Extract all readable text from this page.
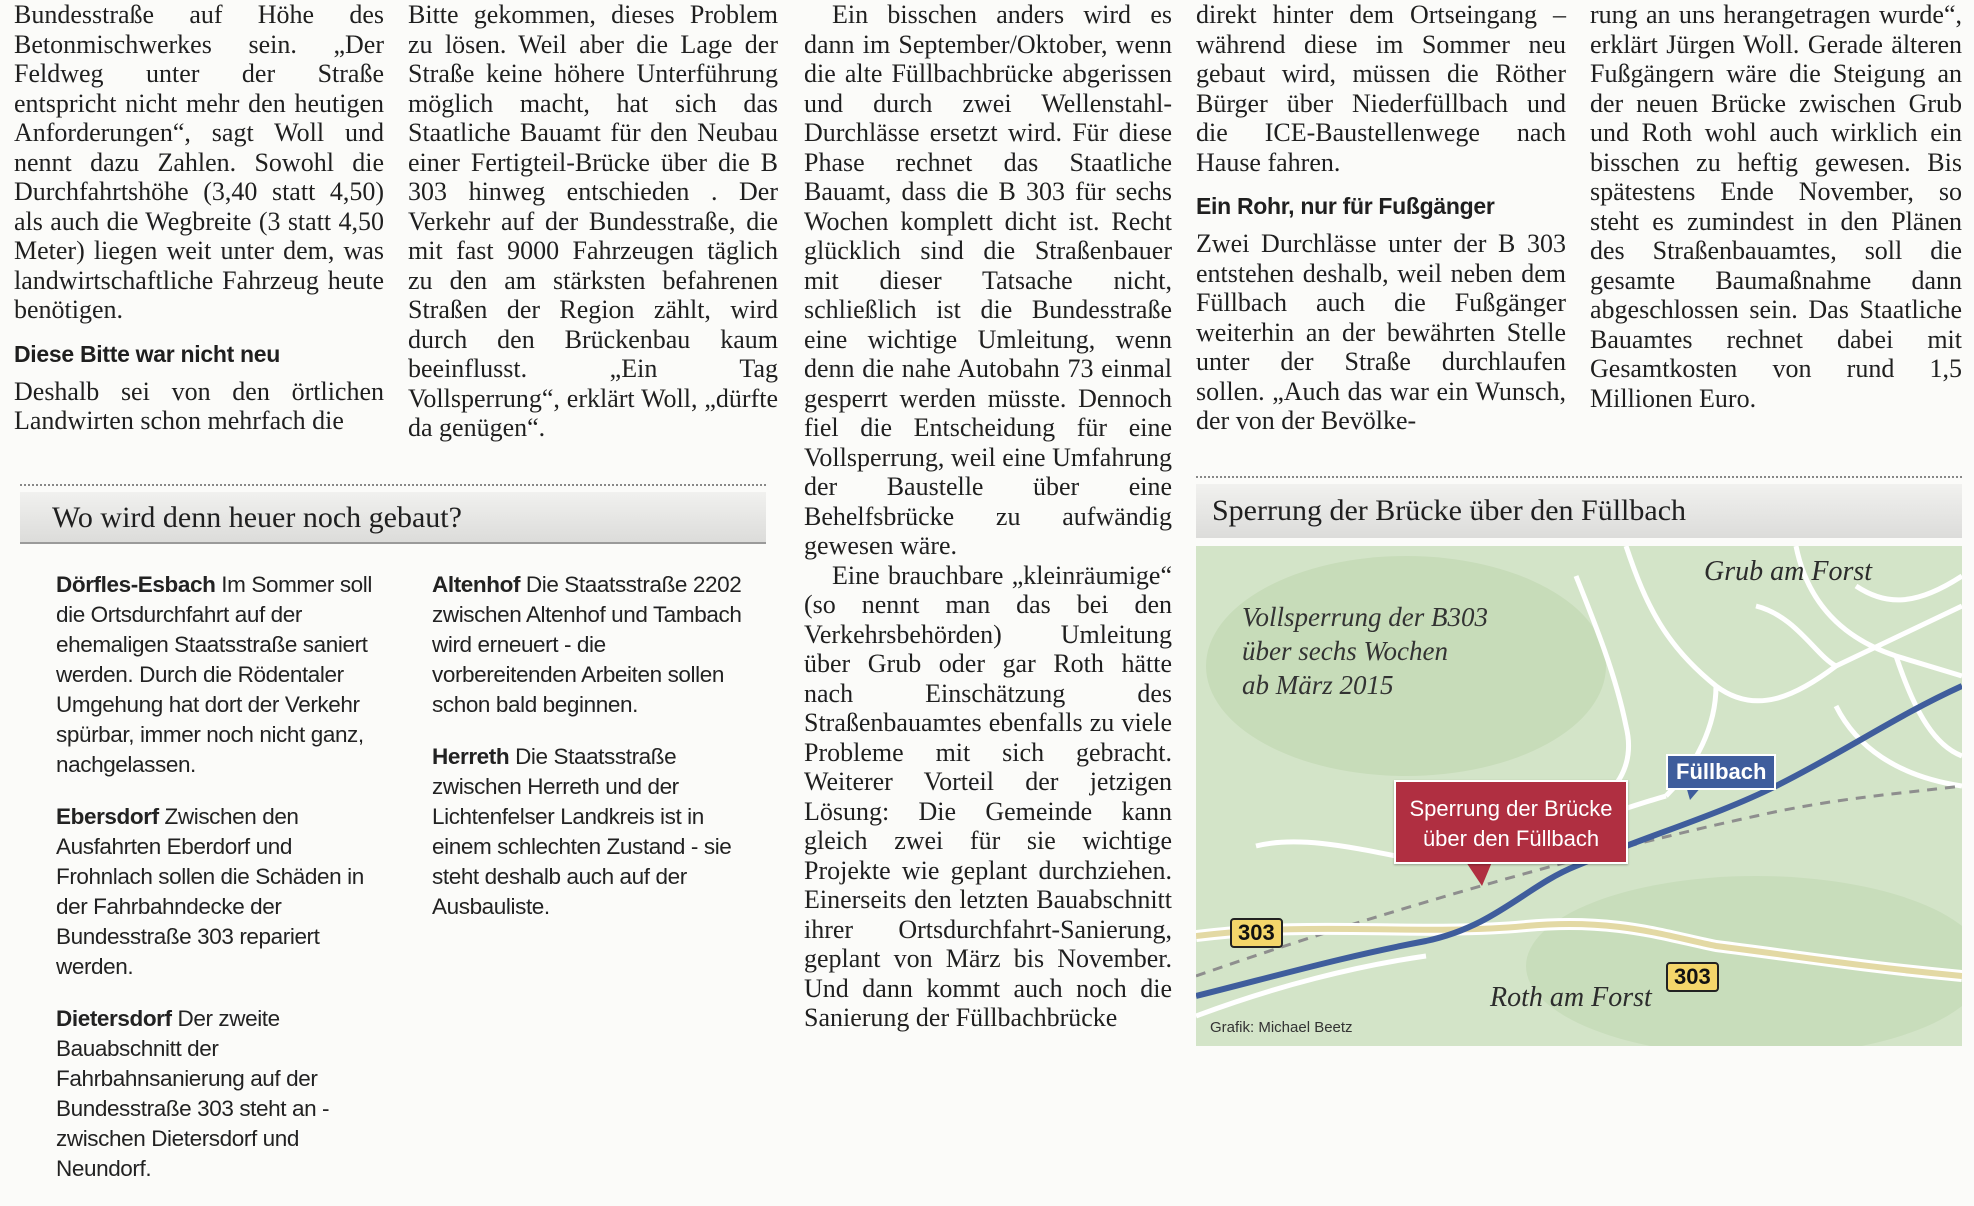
Bundesstraße auf Höhe des Betonmischwerkes sein. „Der Feldweg unter der Straße entspricht nicht mehr den heutigen Anforderungen“, sagt Woll und nennt dazu Zahlen. Sowohl die Durchfahrtshöhe (3,40 statt 4,50) als auch die Wegbreite (3 statt 4,50 Meter) liegen weit unter dem, was landwirtschaftliche Fahrzeug heute benötigen.

Diese Bitte war nicht neu

Deshalb sei von den örtlichen Landwirten schon mehrfach die

Bitte gekommen, dieses Problem zu lösen. Weil aber die Lage der Straße keine höhere Unterführung möglich macht, hat sich das Staatliche Bauamt für den Neubau einer Fertigteil-Brücke über die B 303 hinweg entschieden . Der Verkehr auf der Bundesstraße, die mit fast 9000 Fahrzeugen täglich zu den am stärksten befahrenen Straßen der Region zählt, wird durch den Brückenbau kaum beeinflusst. „Ein Tag Vollsperrung“, erklärt Woll, „dürfte da genügen“.

Ein bisschen anders wird es dann im September/Oktober, wenn die alte Füllbachbrücke abgerissen und durch zwei Wellenstahl-Durchlässe ersetzt wird. Für diese Phase rechnet das Staatliche Bauamt, dass die B 303 für sechs Wochen komplett dicht ist. Recht glücklich sind die Straßenbauer mit dieser Tatsache nicht, schließlich ist die Bundesstraße eine wichtige Umleitung, wenn denn die nahe Autobahn 73 einmal gesperrt werden müsste. Dennoch fiel die Entscheidung für eine Vollsperrung, weil eine Umfahrung der Baustelle über eine Behelfsbrücke zu aufwändig gewesen wäre.

Eine brauchbare „kleinräumige“ (so nennt man das bei den Verkehrsbehörden) Umleitung über Grub oder gar Roth hätte nach Einschätzung des Straßenbauamtes ebenfalls zu viele Probleme mit sich gebracht. Weiterer Vorteil der jetzigen Lösung: Die Gemeinde kann gleich zwei für sie wichtige Projekte wie geplant durchziehen. Einerseits den letzten Bauabschnitt ihrer Ortsdurchfahrt-Sanierung, geplant von März bis November. Und dann kommt auch noch die Sanierung der Füllbachbrücke

direkt hinter dem Ortseingang – während diese im Sommer neu gebaut wird, müssen die Röther Bürger über Niederfüllbach und die ICE-Baustellenwege nach Hause fahren.

Ein Rohr, nur für Fußgänger

Zwei Durchlässe unter der B 303 entstehen deshalb, weil neben dem Füllbach auch die Fußgänger weiterhin an der bewährten Stelle unter der Straße durchlaufen sollen. „Auch das war ein Wunsch, der von der Bevölke-

rung an uns herangetragen wurde“, erklärt Jürgen Woll. Gerade älteren Fußgängern wäre die Steigung an der neuen Brücke zwischen Grub und Roth wohl auch wirklich ein bisschen zu heftig gewesen. Bis spätestens Ende November, so steht es zumindest in den Plänen des Straßenbauamtes, soll die gesamte Baumaßnahme dann abgeschlossen sein. Das Staatliche Bauamtes rechnet dabei mit Gesamtkosten von rund 1,5 Millionen Euro.

Wo wird denn heuer noch gebaut?

Dörfles-Esbach Im Sommer soll die Ortsdurchfahrt auf der ehemaligen Staatsstraße saniert werden. Durch die Rödentaler Umgehung hat dort der Verkehr spürbar, immer noch nicht ganz, nachgelassen.

Ebersdorf Zwischen den Ausfahrten Eberdorf und Frohnlach sollen die Schäden in der Fahrbahndecke der Bundesstraße 303 repariert werden.

Dietersdorf Der zweite Bauabschnitt der Fahrbahnsanierung auf der Bundesstraße 303 steht an - zwischen Dietersdorf und Neundorf.

Altenhof Die Staatsstraße 2202 zwischen Altenhof und Tambach wird erneuert - die vorbereitenden Arbeiten sollen schon bald beginnen.

Herreth Die Staatsstraße zwischen Herreth und der Lichtenfelser Landkreis ist in einem schlechten Zustand - sie steht deshalb auch auf der Ausbauliste.

Sperrung der Brücke über den Füllbach
Vollsperrung der B303
über sechs Wochen
ab März 2015
Grub am Forst
Roth am Forst
Sperrung der Brücke
über den Füllbach
Füllbach
303
303
Grafik: Michael Beetz
